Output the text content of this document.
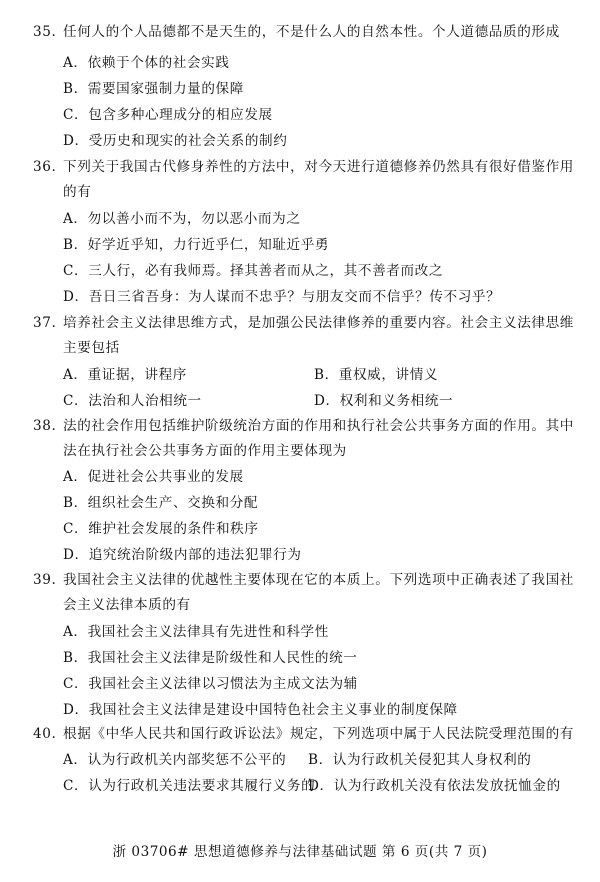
35. 任何人的个人品德都不是天生的，不是什么人的自然本性。个人道德品质的形成
A．依赖于个体的社会实践
B．需要国家强制力量的保障
C．包含多种心理成分的相应发展
D．受历史和现实的社会关系的制约
36. 下列关于我国古代修身养性的方法中，对今天进行道德修养仍然具有很好借鉴作用
的有
A．勿以善小而不为，勿以恶小而为之
B．好学近乎知，力行近乎仁，知耻近乎勇
C．三人行，必有我师焉。择其善者而从之，其不善者而改之
D．吾日三省吾身：为人谋而不忠乎？与朋友交而不信乎？传不习乎？
37. 培养社会主义法律思维方式，是加强公民法律修养的重要内容。社会主义法律思维
主要包括
A．重证据，讲程序	B．重权威，讲情义
C．法治和人治相统一	D．权利和义务相统一
38. 法的社会作用包括维护阶级统治方面的作用和执行社会公共事务方面的作用。其中
法在执行社会公共事务方面的作用主要体现为
A．促进社会公共事业的发展
B．组织社会生产、交换和分配
C．维护社会发展的条件和秩序
D．追究统治阶级内部的违法犯罪行为
39. 我国社会主义法律的优越性主要体现在它的本质上。下列选项中正确表述了我国社
会主义法律本质的有
A．我国社会主义法律具有先进性和科学性
B．我国社会主义法律是阶级性和人民性的统一
C．我国社会主义法律以习惯法为主成文法为辅
D．我国社会主义法律是建设中国特色社会主义事业的制度保障
40. 根据《中华人民共和国行政诉讼法》规定，下列选项中属于人民法院受理范围的有
A．认为行政机关内部奖惩不公平的 B．认为行政机关侵犯其人身权利的
C．认为行政机关违法要求其履行义务的
D．认为行政机关没有依法发放抚恤金的
浙 03706# 思想道德修养与法律基础试题 第 6 页(共 7 页)
